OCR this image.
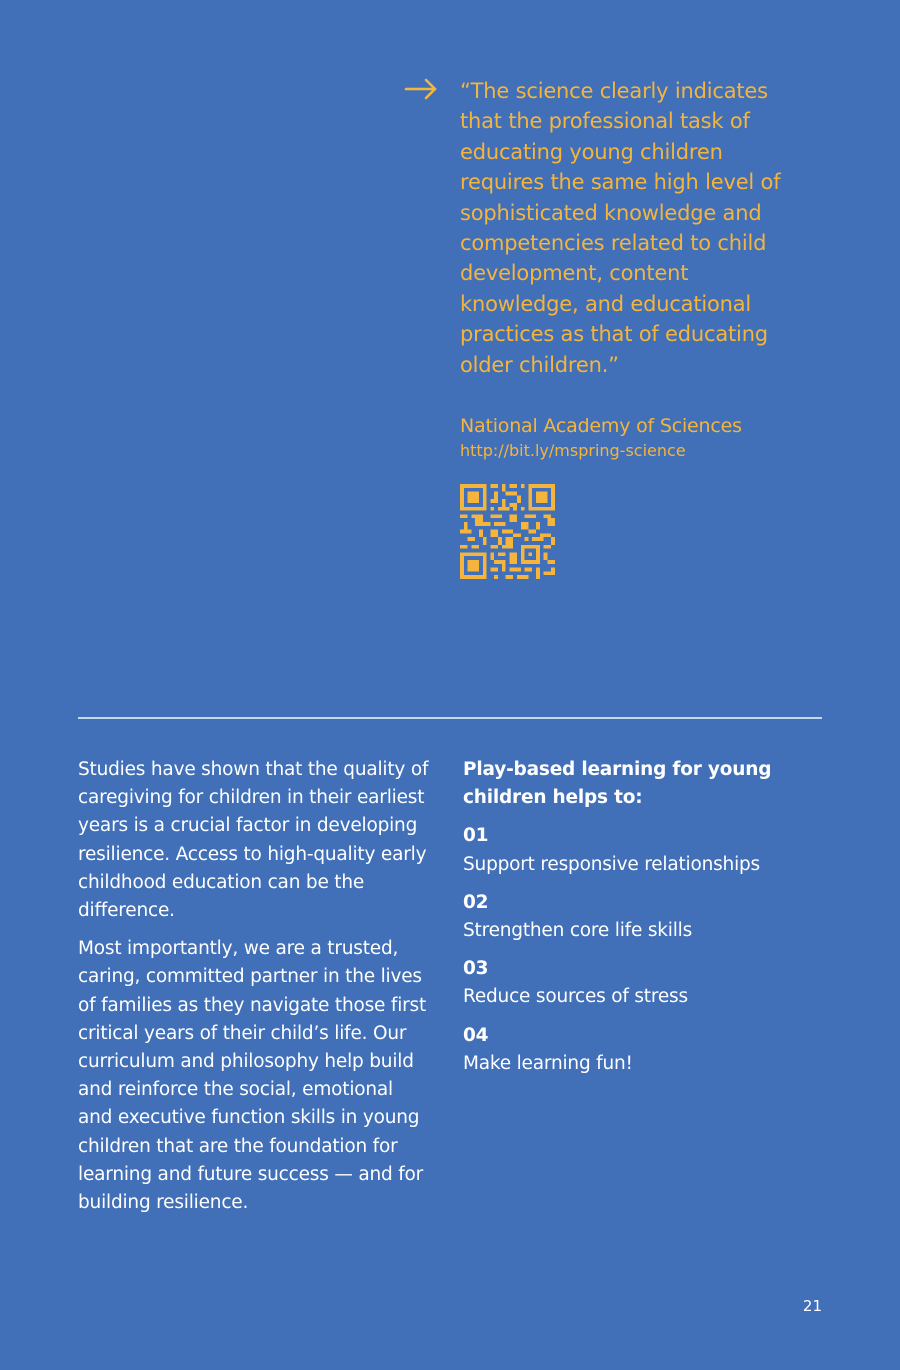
“The science clearly indicates that the professional task of educating young children requires the same high level of sophisticated knowledge and competencies related to child development, content knowledge, and educational practices as that of educating older children.”
National Academy of Sciences
http://bit.ly/mspring-science

Studies have shown that the quality of caregiving for children in their earliest years is a crucial factor in developing resilience. Access to high-quality early childhood education can be the difference.

Most importantly, we are a trusted, caring, committed partner in the lives of families as they navigate those first critical years of their child’s life. Our curriculum and philosophy help build and reinforce the social, emotional and executive function skills in young children that are the foundation for learning and future success — and for building resilience.

Play-based learning for young children helps to:
01
Support responsive relationships
02
Strengthen core life skills
03
Reduce sources of stress
04
Make learning fun!
21
